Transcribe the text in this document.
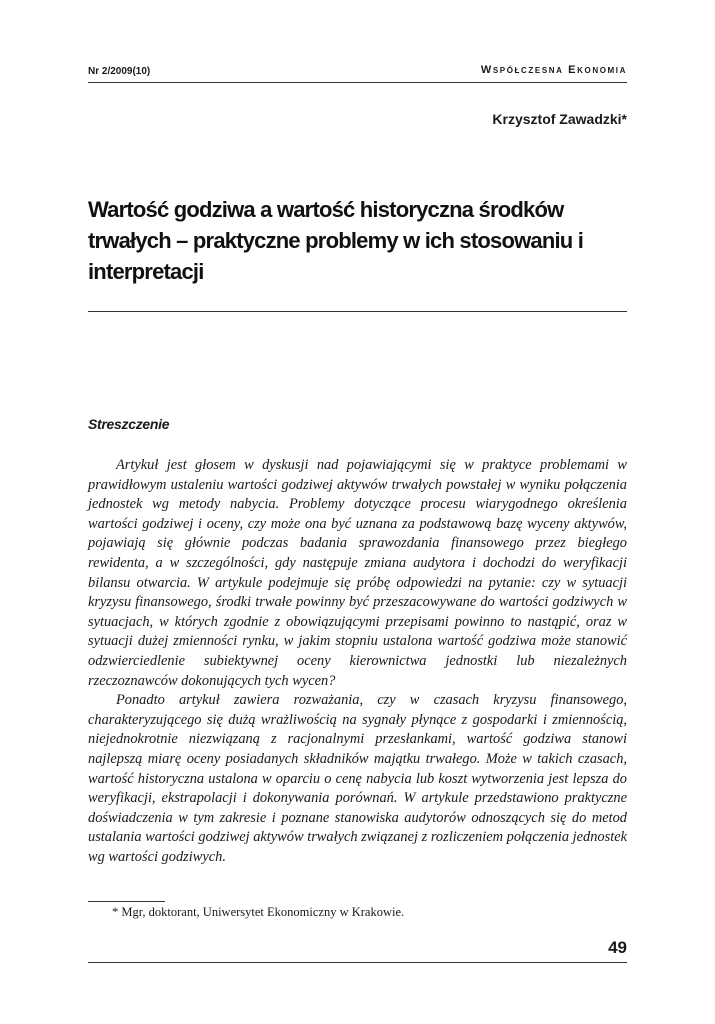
Nr 2/2009(10)	Współczesna Ekonomia
Krzysztof Zawadzki*
Wartość godziwa a wartość historyczna środków trwałych – praktyczne problemy w ich stosowaniu i interpretacji
Streszczenie

Artykuł jest głosem w dyskusji nad pojawiającymi się w praktyce problemami w prawidłowym ustaleniu wartości godziwej aktywów trwałych powstałej w wyniku połączenia jednostek wg metody nabycia. Problemy dotyczące procesu wiarygodnego określenia wartości godziwej i oceny, czy może ona być uznana za podstawową bazę wyceny aktywów, pojawiają się głównie podczas badania sprawozdania finansowego przez biegłego rewidenta, a w szczególności, gdy następuje zmiana audytora i dochodzi do weryfikacji bilansu otwarcia. W artykule podejmuje się próbę odpowiedzi na pytanie: czy w sytuacji kryzysu finansowego, środki trwałe powinny być przeszacowywane do wartości godziwych w sytuacjach, w których zgodnie z obowiązującymi przepisami powinno to nastąpić, oraz w sytuacji dużej zmienności rynku, w jakim stopniu ustalona wartość godziwa może stanowić odzwierciedlenie subiektywnej oceny kierownictwa jednostki lub niezależnych rzeczoznawców dokonujących tych wycen?

Ponadto artykuł zawiera rozważania, czy w czasach kryzysu finansowego, charakteryzującego się dużą wrażliwością na sygnały płynące z gospodarki i zmiennością, niejednokrotnie niezwiązaną z racjonalnymi przesłankami, wartość godziwa stanowi najlepszą miarę oceny posiadanych składników majątku trwałego. Może w takich czasach, wartość historyczna ustalona w oparciu o cenę nabycia lub koszt wytworzenia jest lepsza do weryfikacji, ekstrapolacji i dokonywania porównań. W artykule przedstawiono praktyczne doświadczenia w tym zakresie i poznane stanowiska audytorów odnoszących się do metod ustalania wartości godziwej aktywów trwałych związanej z rozliczeniem połączenia jednostek wg wartości godziwych.

* Mgr, doktorant, Uniwersytet Ekonomiczny w Krakowie.

49
